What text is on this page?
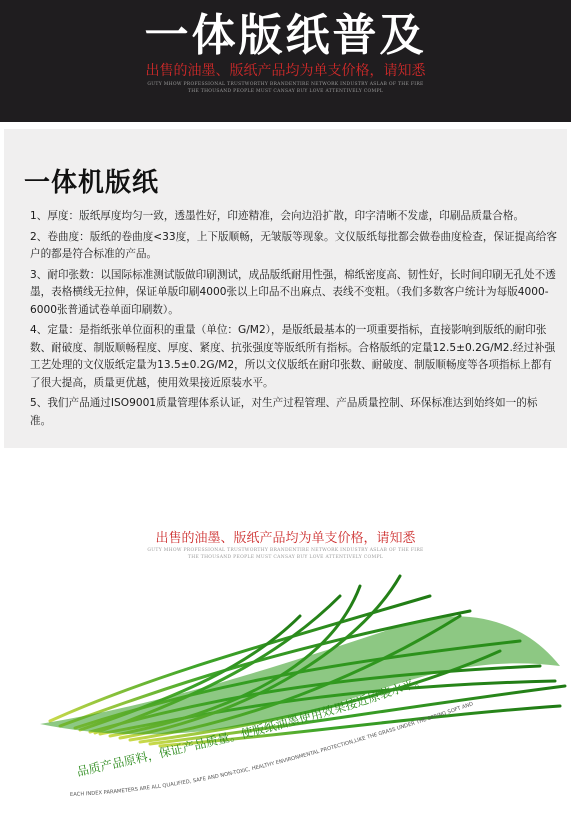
一体版纸普及
出售的油墨、版纸产品均为单支价格，请知悉
GUTY MHOW PROFESSIONAL TRUSTWORTHY BRANDENTIRE NETWORK INDUSTRY ASLAB OF THE FIRE
THE THOUSAND PEOPLE MUST CANSAY BUY LOVE ATTENTIVELY COMPL
一体机版纸

1、厚度：版纸厚度均匀一致，透墨性好，印迹精准，会向边沿扩散，印字清晰不发虚，印刷品质量合格。

2、卷曲度：版纸的卷曲度<33度，上下版顺畅，无皱版等现象。文仪版纸每批都会做卷曲度检查，保证提高给客户的都是符合标准的产品。

3、耐印张数：以国际标准测试版做印刷测试，成品版纸耐用性强，棉纸密度高、韧性好，长时间印刷无孔处不透墨，表格横线无拉伸，保证单版印刷4000张以上印品不出麻点、表线不变粗。（我们多数客户统计为每版4000-6000张普通试卷单面印刷数）。

4、定量：是指纸张单位面积的重量（单位：G/M2），是版纸最基本的一项重要指标，直接影响到版纸的耐印张数、耐破度、制版顺畅程度、厚度、紧度、抗张强度等版纸所有指标。合格版纸的定量12.5±0.2G/M2.经过补强工艺处理的文仪版纸定量为13.5±0.2G/M2，所以文仪版纸在耐印张数、耐破度、制版顺畅度等各项指标上都有了很大提高，质量更优越，使用效果接近原装水平。

5、我们产品通过ISO9001质量管理体系认证，对生产过程管理、产品质量控制、环保标准达到始终如一的标准。

出售的油墨、版纸产品均为单支价格，请知悉
GUTY MHOW PROFESSIONAL TRUSTWORTHY BRANDENTIRE NETWORK INDUSTRY ASLAB OF THE FIRE
THE THOUSAND PEOPLE MUST CANSAY BUY LOVE ATTENTIVELY COMPL
品质产品原料，保证产品质量。使版纸油墨使用效果接近原装水平。
EACH INDEX PARAMETERS ARE ALL QUALIFIED, SAFE AND NON-TOXIC, HEALTHY ENVIRONMENTAL PROTECTION,LIKE THE GRASS UNDER THE SPRING SOFT AND
